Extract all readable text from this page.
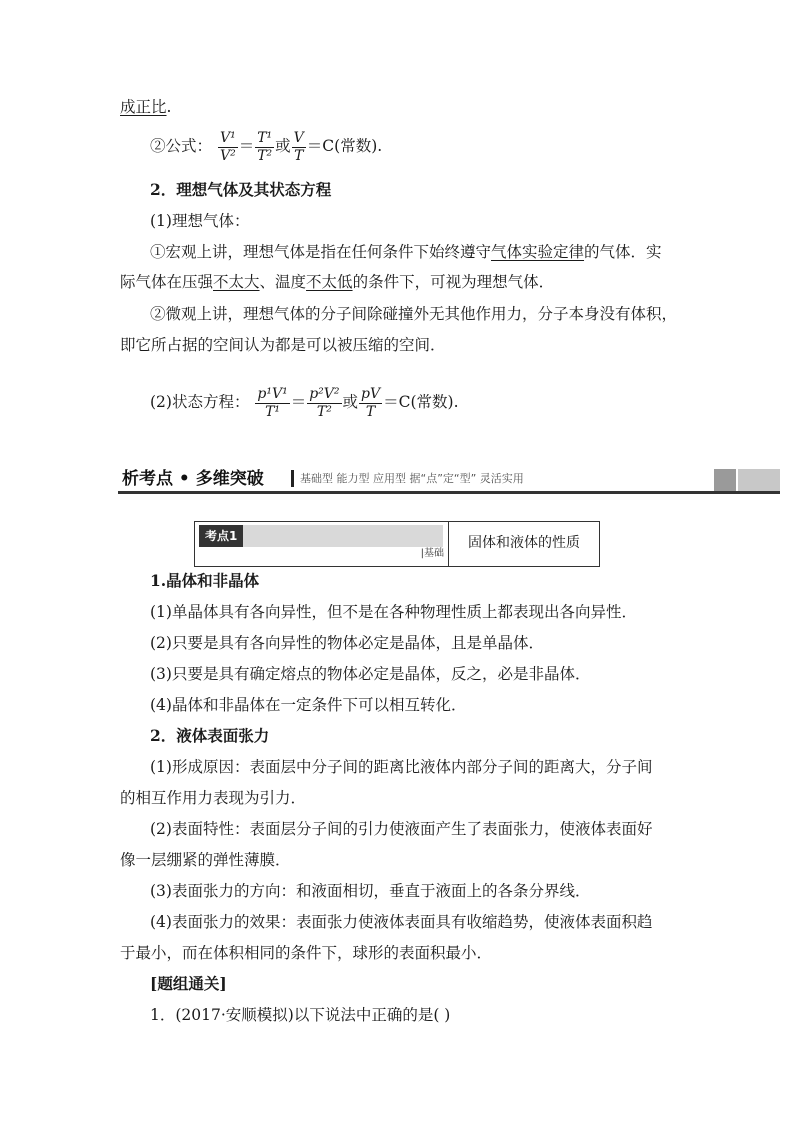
成正比.
②公式： $\frac{\text{V¹}}{\text{V²}} = \frac{\text{T¹}}{\text{T²}}$ 或 $\frac{V}{T} =C$(常数).
2．理想气体及其状态方程
(1)理想气体：
①宏观上讲，理想气体是指在任何条件下始终遵守气体实验定律的气体．实
际气体在压强不太大、温度不太低的条件下，可视为理想气体．
②微观上讲，理想气体的分子间除碰撞外无其他作用力，分子本身没有体积，
即它所占据的空间认为都是可以被压缩的空间．
(2)状态方程： $\frac{\text{p¹V¹}}{\text{T¹}} = \frac{\text{p²V²}}{\text{T²}}$ 或 $\frac{pV}{T} =C$(常数).
析考点 • 多维突破	基础型 能力型 应用型 据“点”定“型” 灵活实用
考点1
|基础
固体和液体的性质
1.晶体和非晶体
(1)单晶体具有各向异性，但不是在各种物理性质上都表现出各向异性．
(2)只要是具有各向异性的物体必定是晶体，且是单晶体．
(3)只要是具有确定熔点的物体必定是晶体，反之，必是非晶体．
(4)晶体和非晶体在一定条件下可以相互转化．
2．液体表面张力
(1)形成原因：表面层中分子间的距离比液体内部分子间的距离大，分子间
的相互作用力表现为引力．
(2)表面特性：表面层分子间的引力使液面产生了表面张力，使液体表面好
像一层绷紧的弹性薄膜．
(3)表面张力的方向：和液面相切，垂直于液面上的各条分界线．
(4)表面张力的效果：表面张力使液体表面具有收缩趋势，使液体表面积趋
于最小，而在体积相同的条件下，球形的表面积最小．
[题组通关]
1．(2017·安顺模拟)以下说法中正确的是( )
